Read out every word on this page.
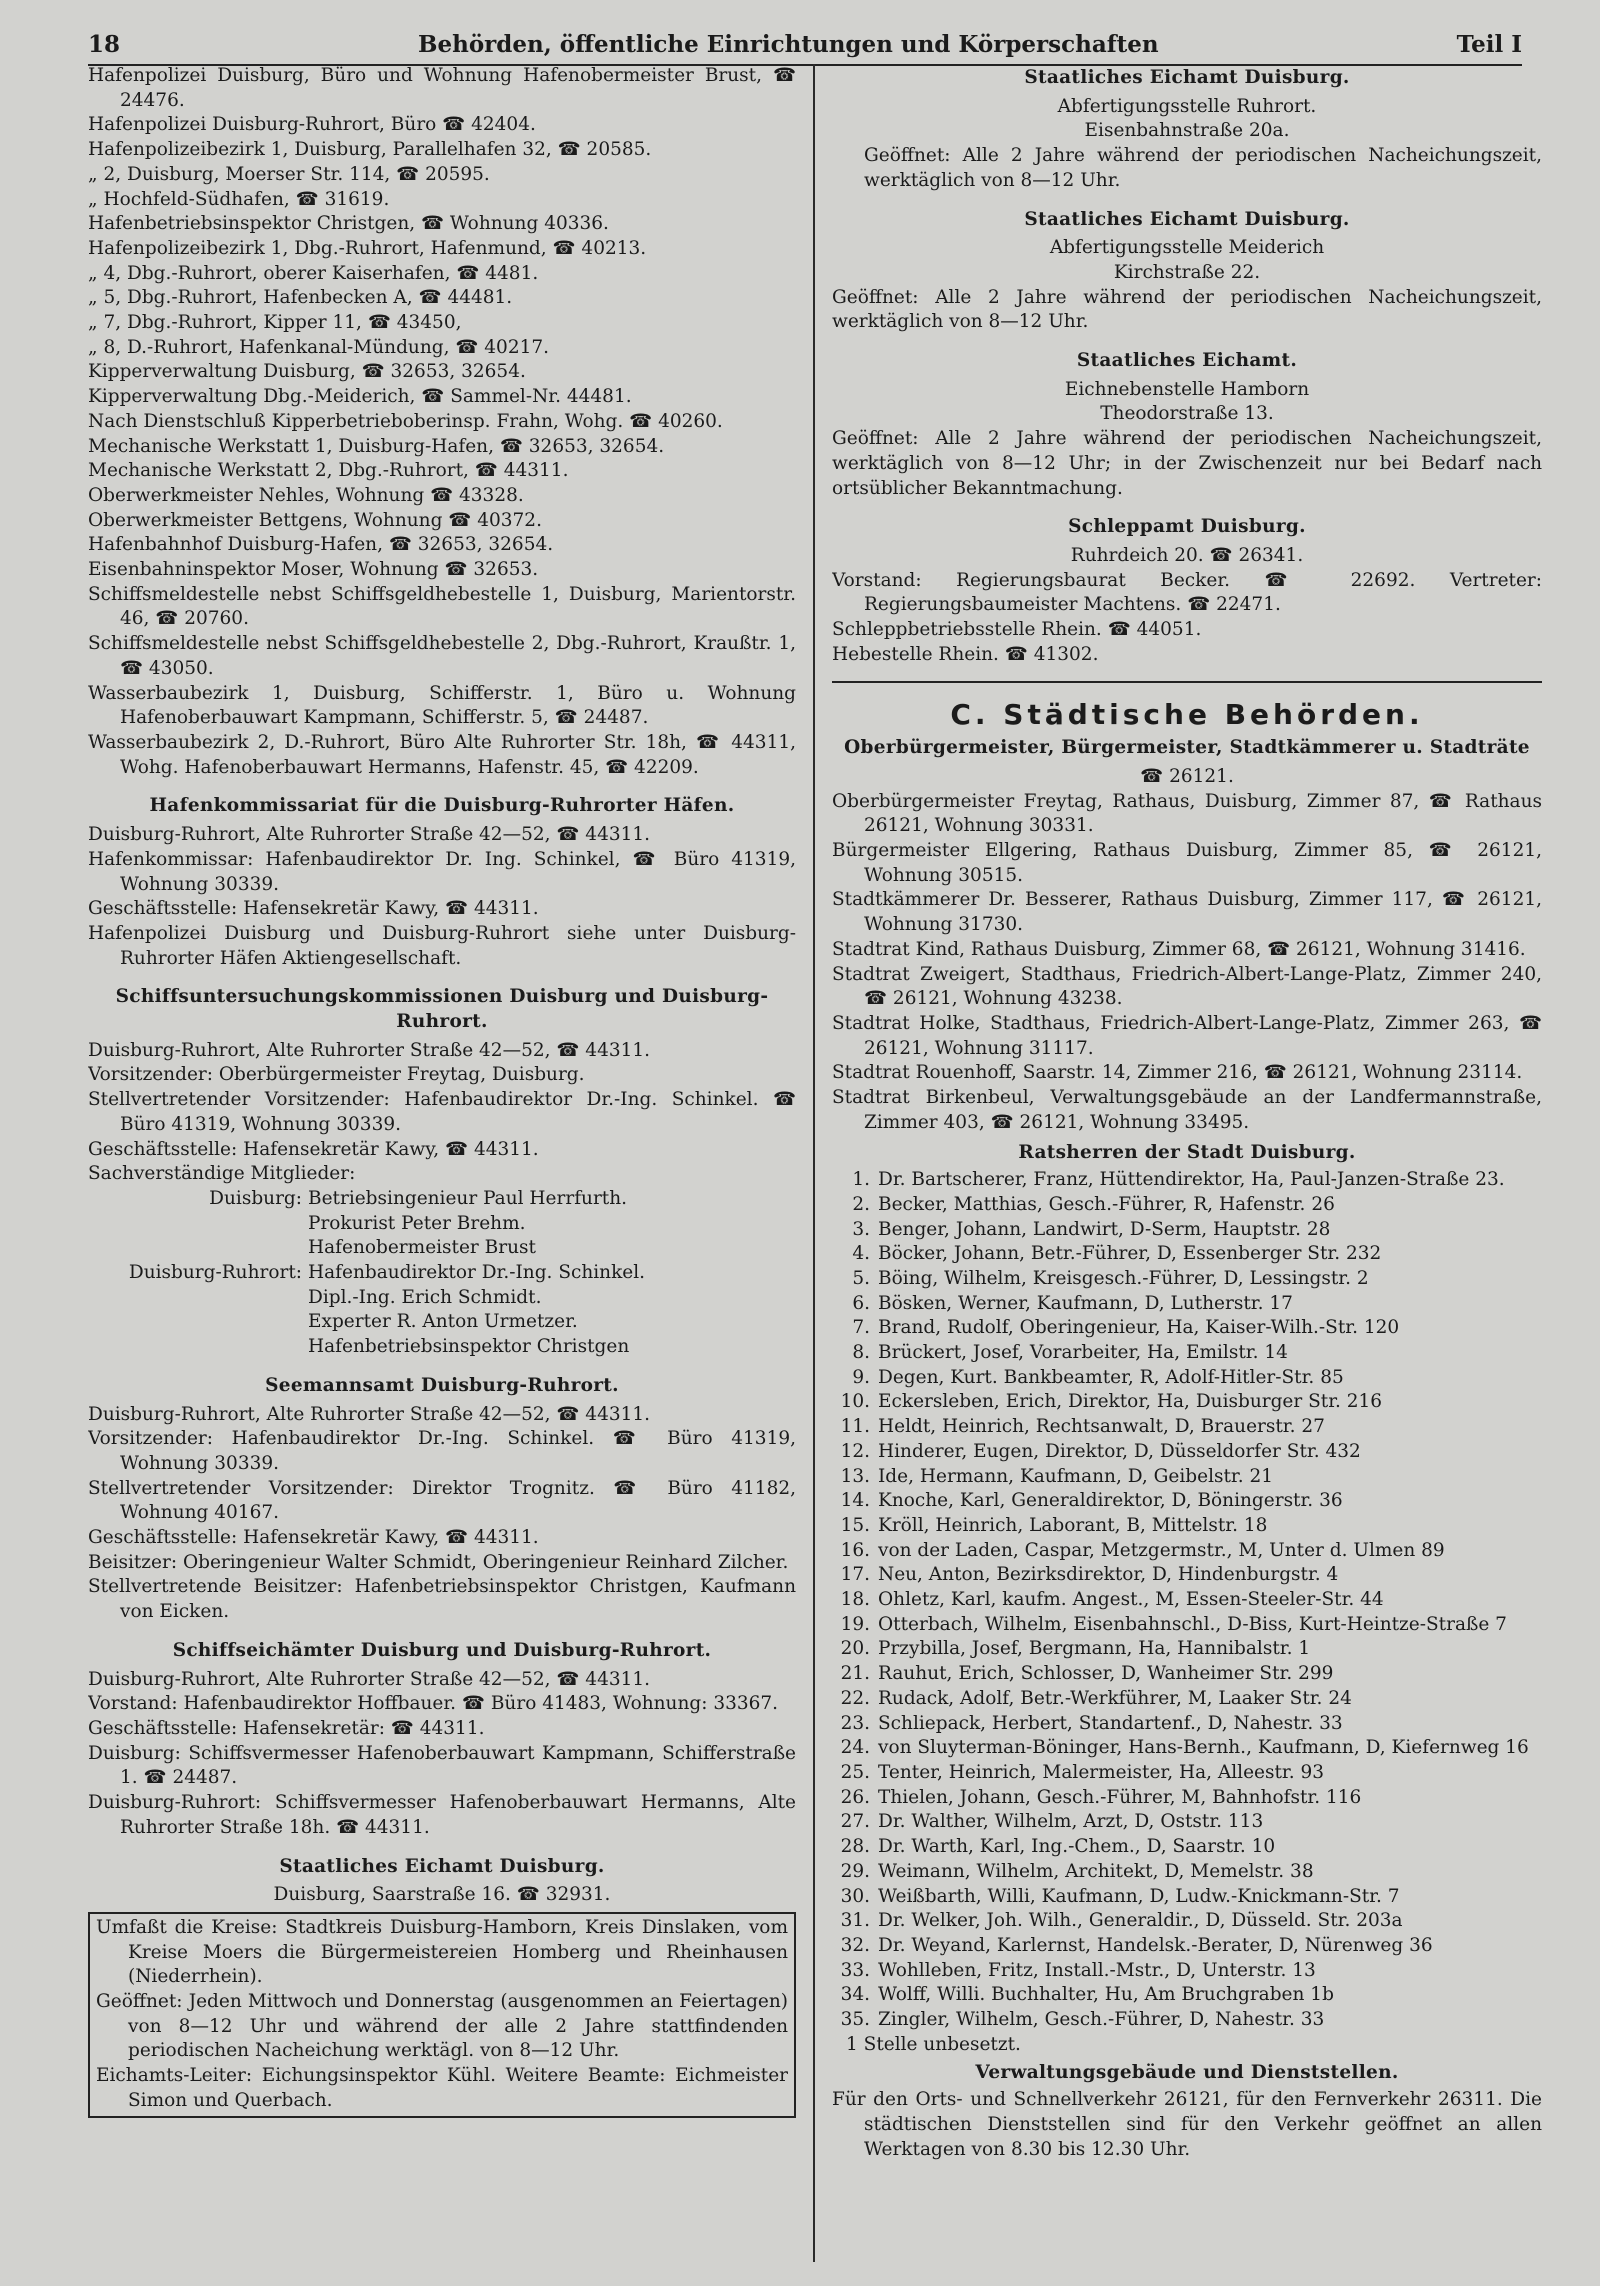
18	Behörden, öffentliche Einrichtungen und Körperschaften	Teil I

Hafenpolizei Duisburg, Büro und Wohnung Hafenobermeister Brust, ☎ 24476.

Hafenpolizei Duisburg-Ruhrort, Büro ☎ 42404.

Hafenpolizeibezirk 1, Duisburg, Parallelhafen 32, ☎ 20585.

„ 2, Duisburg, Moerser Str. 114, ☎ 20595.

„ Hochfeld-Südhafen, ☎ 31619.

Hafenbetriebsinspektor Christgen, ☎ Wohnung 40336.

Hafenpolizeibezirk 1, Dbg.-Ruhrort, Hafenmund, ☎ 40213.

„ 4, Dbg.-Ruhrort, oberer Kaiserhafen, ☎ 4481.

„ 5, Dbg.-Ruhrort, Hafenbecken A, ☎ 44481.

„ 7, Dbg.-Ruhrort, Kipper 11, ☎ 43450,

„ 8, D.-Ruhrort, Hafenkanal-Mündung, ☎ 40217.

Kipperverwaltung Duisburg, ☎ 32653, 32654.

Kipperverwaltung Dbg.-Meiderich, ☎ Sammel-Nr. 44481.

Nach Dienstschluß Kipperbetrieboberinsp. Frahn, Wohg. ☎ 40260.

Mechanische Werkstatt 1, Duisburg-Hafen, ☎ 32653, 32654.

Mechanische Werkstatt 2, Dbg.-Ruhrort, ☎ 44311.

Oberwerkmeister Nehles, Wohnung ☎ 43328.

Oberwerkmeister Bettgens, Wohnung ☎ 40372.

Hafenbahnhof Duisburg-Hafen, ☎ 32653, 32654.

Eisenbahninspektor Moser, Wohnung ☎ 32653.

Schiffsmeldestelle nebst Schiffsgeldhebestelle 1, Duisburg, Marientorstr. 46, ☎ 20760.

Schiffsmeldestelle nebst Schiffsgeldhebestelle 2, Dbg.-Ruhrort, Kraußtr. 1, ☎ 43050.

Wasserbaubezirk 1, Duisburg, Schifferstr. 1, Büro u. Wohnung Hafenoberbauwart Kampmann, Schifferstr. 5, ☎ 24487.

Wasserbaubezirk 2, D.-Ruhrort, Büro Alte Ruhrorter Str. 18h, ☎ 44311, Wohg. Hafenoberbauwart Hermanns, Hafenstr. 45, ☎ 42209.

Hafenkommissariat für die Duisburg-Ruhrorter Häfen.

Duisburg-Ruhrort, Alte Ruhrorter Straße 42—52, ☎ 44311.

Hafenkommissar: Hafenbaudirektor Dr. Ing. Schinkel, ☎ Büro 41319, Wohnung 30339.

Geschäftsstelle: Hafensekretär Kawy, ☎ 44311.

Hafenpolizei Duisburg und Duisburg-Ruhrort siehe unter Duisburg-Ruhrorter Häfen Aktiengesellschaft.

Schiffsuntersuchungskommissionen Duisburg und Duisburg-Ruhrort.

Duisburg-Ruhrort, Alte Ruhrorter Straße 42—52, ☎ 44311.

Vorsitzender: Oberbürgermeister Freytag, Duisburg.

Stellvertretender Vorsitzender: Hafenbaudirektor Dr.-Ing. Schinkel. ☎ Büro 41319, Wohnung 30339.

Geschäftsstelle: Hafensekretär Kawy, ☎ 44311.

Sachverständige Mitglieder:

Duisburg: Betriebsingenieur Paul Herrfurth.

Prokurist Peter Brehm.

Hafenobermeister Brust

Duisburg-Ruhrort: Hafenbaudirektor Dr.-Ing. Schinkel.

Dipl.-Ing. Erich Schmidt.

Experter R. Anton Urmetzer.

Hafenbetriebsinspektor Christgen

Seemannsamt Duisburg-Ruhrort.

Duisburg-Ruhrort, Alte Ruhrorter Straße 42—52, ☎ 44311.

Vorsitzender: Hafenbaudirektor Dr.-Ing. Schinkel. ☎ Büro 41319, Wohnung 30339.

Stellvertretender Vorsitzender: Direktor Trognitz. ☎ Büro 41182, Wohnung 40167.

Geschäftsstelle: Hafensekretär Kawy, ☎ 44311.

Beisitzer: Oberingenieur Walter Schmidt, Oberingenieur Reinhard Zilcher.

Stellvertretende Beisitzer: Hafenbetriebsinspektor Christgen, Kaufmann von Eicken.

Schiffseichämter Duisburg und Duisburg-Ruhrort.

Duisburg-Ruhrort, Alte Ruhrorter Straße 42—52, ☎ 44311.

Vorstand: Hafenbaudirektor Hoffbauer. ☎ Büro 41483, Wohnung: 33367.

Geschäftsstelle: Hafensekretär: ☎ 44311.

Duisburg: Schiffsvermesser Hafenoberbauwart Kampmann, Schifferstraße 1. ☎ 24487.

Duisburg-Ruhrort: Schiffsvermesser Hafenoberbauwart Hermanns, Alte Ruhrorter Straße 18h. ☎ 44311.

Staatliches Eichamt Duisburg.

Duisburg, Saarstraße 16. ☎ 32931.

Umfaßt die Kreise: Stadtkreis Duisburg-Hamborn, Kreis Dinslaken, vom Kreise Moers die Bürgermeistereien Homberg und Rheinhausen (Niederrhein).

Geöffnet: Jeden Mittwoch und Donnerstag (ausgenommen an Feiertagen) von 8—12 Uhr und während der alle 2 Jahre stattfindenden periodischen Nacheichung werktägl. von 8—12 Uhr.

Eichamts-Leiter: Eichungsinspektor Kühl. Weitere Beamte: Eichmeister Simon und Querbach.

Staatliches Eichamt Duisburg.

Abfertigungsstelle Ruhrort.

Eisenbahnstraße 20a.

Geöffnet: Alle 2 Jahre während der periodischen Nacheichungszeit, werktäglich von 8—12 Uhr.

Staatliches Eichamt Duisburg.

Abfertigungsstelle Meiderich

Kirchstraße 22.

Geöffnet: Alle 2 Jahre während der periodischen Nacheichungszeit, werktäglich von 8—12 Uhr.

Staatliches Eichamt.

Eichnebenstelle Hamborn

Theodorstraße 13.

Geöffnet: Alle 2 Jahre während der periodischen Nacheichungszeit, werktäglich von 8—12 Uhr; in der Zwischenzeit nur bei Bedarf nach ortsüblicher Bekanntmachung.

Schleppamt Duisburg.

Ruhrdeich 20. ☎ 26341.

Vorstand: Regierungsbaurat Becker. ☎ 22692. Vertreter: Regierungsbaumeister Machtens. ☎ 22471.

Schleppbetriebsstelle Rhein. ☎ 44051.

Hebestelle Rhein. ☎ 41302.

C. Städtische Behörden.
Oberbürgermeister, Bürgermeister, Stadtkämmerer u. Stadträte

☎ 26121.

Oberbürgermeister Freytag, Rathaus, Duisburg, Zimmer 87, ☎ Rathaus 26121, Wohnung 30331.

Bürgermeister Ellgering, Rathaus Duisburg, Zimmer 85, ☎ 26121, Wohnung 30515.

Stadtkämmerer Dr. Besserer, Rathaus Duisburg, Zimmer 117, ☎ 26121, Wohnung 31730.

Stadtrat Kind, Rathaus Duisburg, Zimmer 68, ☎ 26121, Wohnung 31416.

Stadtrat Zweigert, Stadthaus, Friedrich-Albert-Lange-Platz, Zimmer 240, ☎ 26121, Wohnung 43238.

Stadtrat Holke, Stadthaus, Friedrich-Albert-Lange-Platz, Zimmer 263, ☎ 26121, Wohnung 31117.

Stadtrat Rouenhoff, Saarstr. 14, Zimmer 216, ☎ 26121, Wohnung 23114.

Stadtrat Birkenbeul, Verwaltungsgebäude an der Landfermannstraße, Zimmer 403, ☎ 26121, Wohnung 33495.

Ratsherren der Stadt Duisburg.
1. Dr. Bartscherer, Franz, Hüttendirektor, Ha, Paul-Janzen-Straße 23.
2. Becker, Matthias, Gesch.-Führer, R, Hafenstr. 26
3. Benger, Johann, Landwirt, D-Serm, Hauptstr. 28
4. Böcker, Johann, Betr.-Führer, D, Essenberger Str. 232
5. Böing, Wilhelm, Kreisgesch.-Führer, D, Lessingstr. 2
6. Bösken, Werner, Kaufmann, D, Lutherstr. 17
7. Brand, Rudolf, Oberingenieur, Ha, Kaiser-Wilh.-Str. 120
8. Brückert, Josef, Vorarbeiter, Ha, Emilstr. 14
9. Degen, Kurt. Bankbeamter, R, Adolf-Hitler-Str. 85
10. Eckersleben, Erich, Direktor, Ha, Duisburger Str. 216
11. Heldt, Heinrich, Rechtsanwalt, D, Brauerstr. 27
12. Hinderer, Eugen, Direktor, D, Düsseldorfer Str. 432
13. Ide, Hermann, Kaufmann, D, Geibelstr. 21
14. Knoche, Karl, Generaldirektor, D, Böningerstr. 36
15. Kröll, Heinrich, Laborant, B, Mittelstr. 18
16. von der Laden, Caspar, Metzgermstr., M, Unter d. Ulmen 89
17. Neu, Anton, Bezirksdirektor, D, Hindenburgstr. 4
18. Ohletz, Karl, kaufm. Angest., M, Essen-Steeler-Str. 44
19. Otterbach, Wilhelm, Eisenbahnschl., D-Biss, Kurt-Heintze-Straße 7
20. Przybilla, Josef, Bergmann, Ha, Hannibalstr. 1
21. Rauhut, Erich, Schlosser, D, Wanheimer Str. 299
22. Rudack, Adolf, Betr.-Werkführer, M, Laaker Str. 24
23. Schliepack, Herbert, Standartenf., D, Nahestr. 33
24. von Sluyterman-Böninger, Hans-Bernh., Kaufmann, D, Kiefernweg 16
25. Tenter, Heinrich, Malermeister, Ha, Alleestr. 93
26. Thielen, Johann, Gesch.-Führer, M, Bahnhofstr. 116
27. Dr. Walther, Wilhelm, Arzt, D, Oststr. 113
28. Dr. Warth, Karl, Ing.-Chem., D, Saarstr. 10
29. Weimann, Wilhelm, Architekt, D, Memelstr. 38
30. Weißbarth, Willi, Kaufmann, D, Ludw.-Knickmann-Str. 7
31. Dr. Welker, Joh. Wilh., Generaldir., D, Düsseld. Str. 203a
32. Dr. Weyand, Karlernst, Handelsk.-Berater, D, Nürenweg 36
33. Wohlleben, Fritz, Install.-Mstr., D, Unterstr. 13
34. Wolff, Willi. Buchhalter, Hu, Am Bruchgraben 1b
35. Zingler, Wilhelm, Gesch.-Führer, D, Nahestr. 33

1 Stelle unbesetzt.

Verwaltungsgebäude und Dienststellen.

Für den Orts- und Schnellverkehr 26121, für den Fernverkehr 26311. Die städtischen Dienststellen sind für den Verkehr geöffnet an allen Werktagen von 8.30 bis 12.30 Uhr.
